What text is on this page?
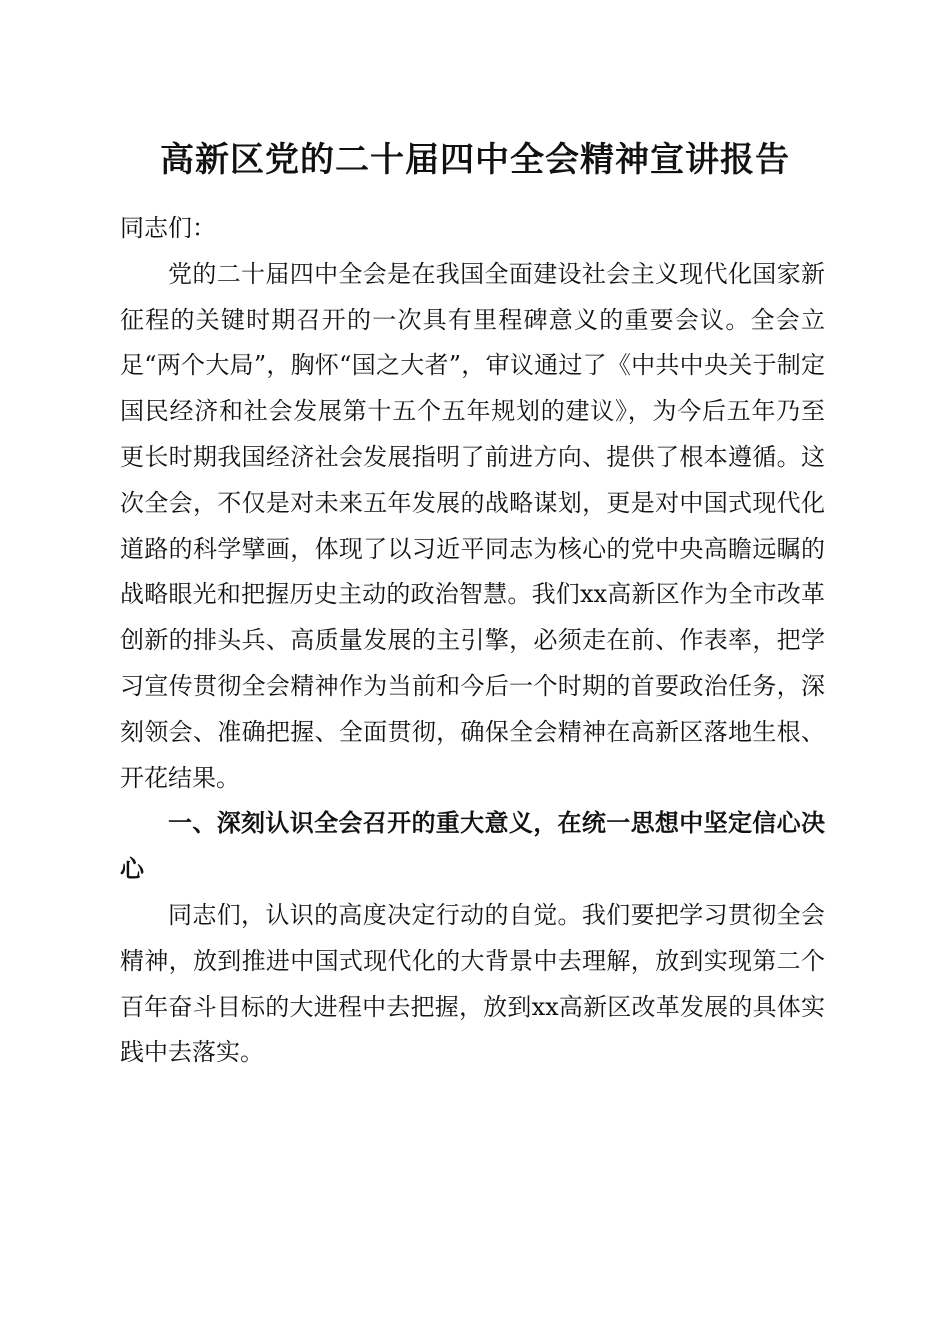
高新区党的二十届四中全会精神宣讲报告

同志们：

党的二十届四中全会是在我国全面建设社会主义现代化国家新征程的关键时期召开的一次具有里程碑意义的重要会议。全会立足“两个大局”，胸怀“国之大者”，审议通过了《中共中央关于制定国民经济和社会发展第十五个五年规划的建议》，为今后五年乃至更长时期我国经济社会发展指明了前进方向、提供了根本遵循。这次全会，不仅是对未来五年发展的战略谋划，更是对中国式现代化道路的科学擘画，体现了以习近平同志为核心的党中央高瞻远瞩的战略眼光和把握历史主动的政治智慧。我们xx高新区作为全市改革创新的排头兵、高质量发展的主引擎，必须走在前、作表率，把学习宣传贯彻全会精神作为当前和今后一个时期的首要政治任务，深刻领会、准确把握、全面贯彻，确保全会精神在高新区落地生根、开花结果。

一、深刻认识全会召开的重大意义，在统一思想中坚定信心决心

同志们，认识的高度决定行动的自觉。我们要把学习贯彻全会精神，放到推进中国式现代化的大背景中去理解，放到实现第二个百年奋斗目标的大进程中去把握，放到xx高新区改革发展的具体实践中去落实。
